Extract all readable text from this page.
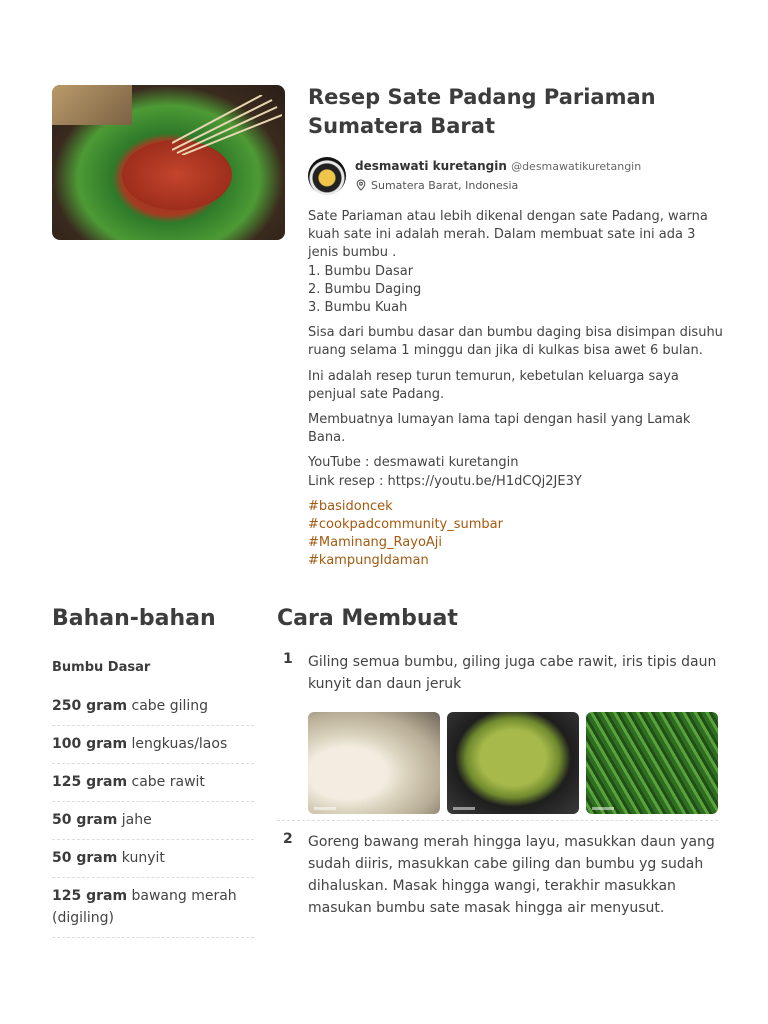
Resep Sate Padang Pariaman Sumatera Barat
desmawati kuretangin @desmawatikuretangin
Sumatera Barat, Indonesia

Sate Pariaman atau lebih dikenal dengan sate Padang, warna kuah sate ini adalah merah. Dalam membuat sate ini ada 3 jenis bumbu .
1. Bumbu Dasar
2. Bumbu Daging
3. Bumbu Kuah

Sisa dari bumbu dasar dan bumbu daging bisa disimpan disuhu ruang selama 1 minggu dan jika di kulkas bisa awet 6 bulan.

Ini adalah resep turun temurun, kebetulan keluarga saya penjual sate Padang.

Membuatnya lumayan lama tapi dengan hasil yang Lamak Bana.

YouTube : desmawati kuretangin
Link resep : https://youtu.be/H1dCQj2JE3Y

#basidoncek
#cookpadcommunity_sumbar
#Maminang_RayoAji
#kampungIdaman
Bahan-bahan	Cara Membuat
Bumbu Dasar
250 gram cabe giling
100 gram lengkuas/laos
125 gram cabe rawit
50 gram jahe
50 gram kunyit
125 gram bawang merah (digiling)
1 Giling semua bumbu, giling juga cabe rawit, iris tipis daun kunyit dan daun jeruk
2 Goreng bawang merah hingga layu, masukkan daun yang sudah diiris, masukkan cabe giling dan bumbu yg sudah dihaluskan. Masak hingga wangi, terakhir masukkan masukan bumbu sate masak hingga air menyusut.
